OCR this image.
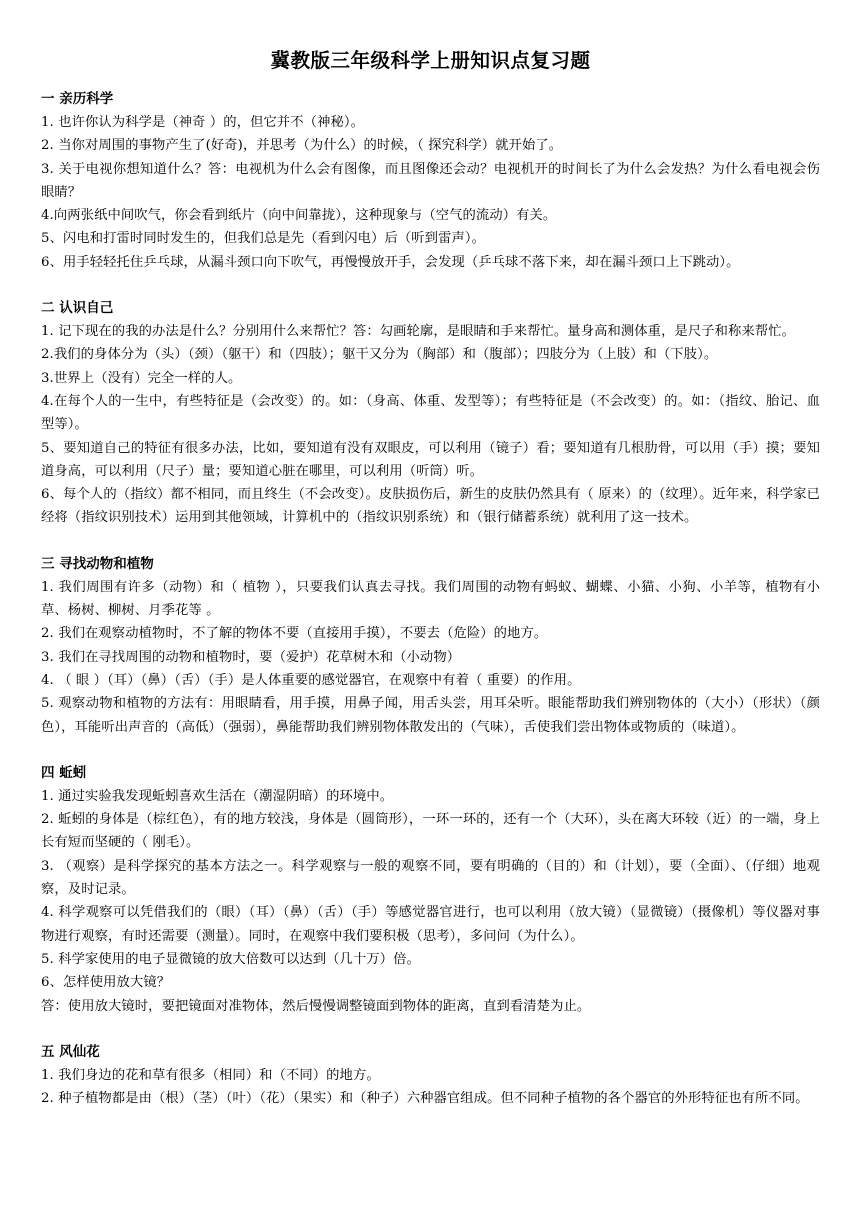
冀教版三年级科学上册知识点复习题
一 亲历科学
1. 也许你认为科学是（神奇 ）的，但它并不（神秘）。
2. 当你对周围的事物产生了(好奇)，并思考（为什么）的时候，（ 探究科学）就开始了。
3. 关于电视你想知道什么？答：电视机为什么会有图像，而且图像还会动？电视机开的时间长了为什么会发热？为什么看电视会伤眼睛？
4.向两张纸中间吹气，你会看到纸片（向中间靠拢），这种现象与（空气的流动）有关。
5、闪电和打雷时同时发生的，但我们总是先（看到闪电）后（听到雷声）。
6、用手轻轻托住乒乓球，从漏斗颈口向下吹气，再慢慢放开手，会发现（乒乓球不落下来，却在漏斗颈口上下跳动）。
二 认识自己
1. 记下现在的我的办法是什么？分别用什么来帮忙？答：勾画轮廓，是眼睛和手来帮忙。量身高和测体重，是尺子和称来帮忙。
2.我们的身体分为（头）（颈）（躯干）和（四肢）；躯干又分为（胸部）和（腹部）；四肢分为（上肢）和（下肢）。
3.世界上（没有）完全一样的人。
4.在每个人的一生中，有些特征是（会改变）的。如：（身高、体重、发型等）；有些特征是（不会改变）的。如：（指纹、胎记、血型等）。
5、要知道自己的特征有很多办法，比如，要知道有没有双眼皮，可以利用（镜子）看；要知道有几根肋骨，可以用（手）摸；要知道身高，可以利用（尺子）量；要知道心脏在哪里，可以利用（听筒）听。
6、每个人的（指纹）都不相同，而且终生（不会改变）。皮肤损伤后，新生的皮肤仍然具有（ 原来）的（纹理）。近年来，科学家已经将（指纹识别技术）运用到其他领域，计算机中的（指纹识别系统）和（银行储蓄系统）就利用了这一技术。
三 寻找动物和植物
1. 我们周围有许多（动物）和（ 植物 ），只要我们认真去寻找。我们周围的动物有蚂蚁、蝴蝶、小猫、小狗、小羊等，植物有小草、杨树、柳树、月季花等 。
2. 我们在观察动植物时，不了解的物体不要（直接用手摸），不要去（危险）的地方。
3. 我们在寻找周围的动物和植物时，要（爱护）花草树木和（小动物）
4. （ 眼 ）（耳）（鼻）（舌）（手）是人体重要的感觉器官，在观察中有着（ 重要）的作用。
5. 观察动物和植物的方法有：用眼睛看，用手摸，用鼻子闻，用舌头尝，用耳朵听。眼能帮助我们辨别物体的（大小）（形状）（颜色），耳能听出声音的（高低）（强弱），鼻能帮助我们辨别物体散发出的（气味），舌使我们尝出物体或物质的（味道）。
四 蚯蚓
1. 通过实验我发现蚯蚓喜欢生活在（潮湿阴暗）的环境中。
2. 蚯蚓的身体是（棕红色），有的地方较浅，身体是（圆筒形），一环一环的，还有一个（大环），头在离大环较（近）的一端，身上长有短而坚硬的（ 刚毛）。
3. （观察）是科学探究的基本方法之一。科学观察与一般的观察不同，要有明确的（目的）和（计划），要（全面）、（仔细）地观察，及时记录。
4. 科学观察可以凭借我们的（眼）（耳）（鼻）（舌）（手）等感觉器官进行，也可以利用（放大镜）（显微镜）（摄像机）等仪器对事物进行观察，有时还需要（测量）。同时，在观察中我们要积极（思考），多问问（为什么）。
5. 科学家使用的电子显微镜的放大倍数可以达到（几十万）倍。
6、怎样使用放大镜？
答：使用放大镜时，要把镜面对准物体，然后慢慢调整镜面到物体的距离，直到看清楚为止。
五 风仙花
1. 我们身边的花和草有很多（相同）和（不同）的地方。
2. 种子植物都是由（根）（茎）（叶）（花）（果实）和（种子）六种器官组成。但不同种子植物的各个器官的外形特征也有所不同。
